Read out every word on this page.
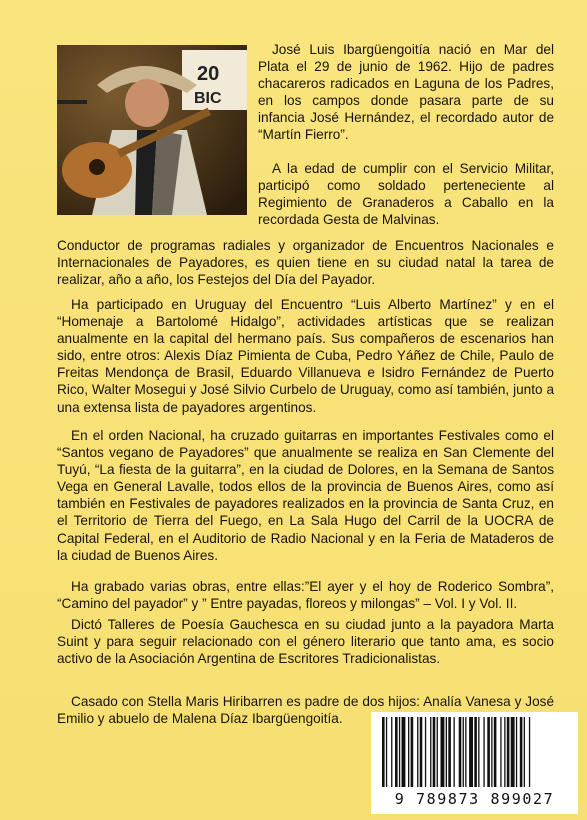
20
BIC

José Luis Ibargüengoitía nació en Mar del Plata el 29 de junio de 1962. Hijo de padres chacareros radicados en Laguna de los Padres, en los campos donde pasara parte de su infancia José Hernández, el recordado autor de “Martín Fierro”.

A la edad de cumplir con el Servicio Militar, participó como soldado perteneciente al Regimiento de Granaderos a Caballo en la recordada Gesta de Malvinas.

Conductor de programas radiales y organizador de Encuentros Nacionales e Internacionales de Payadores, es quien tiene en su ciudad natal la tarea de realizar, año a año, los Festejos del Día del Payador.

Ha participado en Uruguay del Encuentro “Luis Alberto Martínez” y en el “Homenaje a Bartolomé Hidalgo”, actividades artísticas que se realizan anualmente en la capital del hermano país. Sus compañeros de escenarios han sido, entre otros: Alexis Díaz Pimienta de Cuba, Pedro Yáñez de Chile, Paulo de Freitas Mendonça de Brasil, Eduardo Villanueva e Isidro Fernández de Puerto Rico, Walter Mosegui y José Silvio Curbelo de Uruguay, como así también, junto a una extensa lista de payadores argentinos.

En el orden Nacional, ha cruzado guitarras en importantes Festivales como el “Santos vegano de Payadores” que anualmente se realiza en San Clemente del Tuyú, “La fiesta de la guitarra”, en la ciudad de Dolores, en la Semana de Santos Vega en General Lavalle, todos ellos de la provincia de Buenos Aires, como así también en Festivales de payadores realizados en la provincia de Santa Cruz, en el Territorio de Tierra del Fuego, en La Sala Hugo del Carril de la UOCRA de Capital Federal, en el Auditorio de Radio Nacional y en la Feria de Mataderos de la ciudad de Buenos Aires.

Ha grabado varias obras, entre ellas:”El ayer y el hoy de Roderico Sombra”, “Camino del payador” y ” Entre payadas, floreos y milongas” – Vol. I y Vol. II.

Dictó Talleres de Poesía Gauchesca en su ciudad junto a la payadora Marta Suint y para seguir relacionado con el género literario que tanto ama, es socio activo de la Asociación Argentina de Escritores Tradicionalistas.

Casado con Stella Maris Hiribarren es padre de dos hijos: Analía Vanesa y José Emilio y abuelo de Malena Díaz Ibargüengoitía.

9 789873 899027
